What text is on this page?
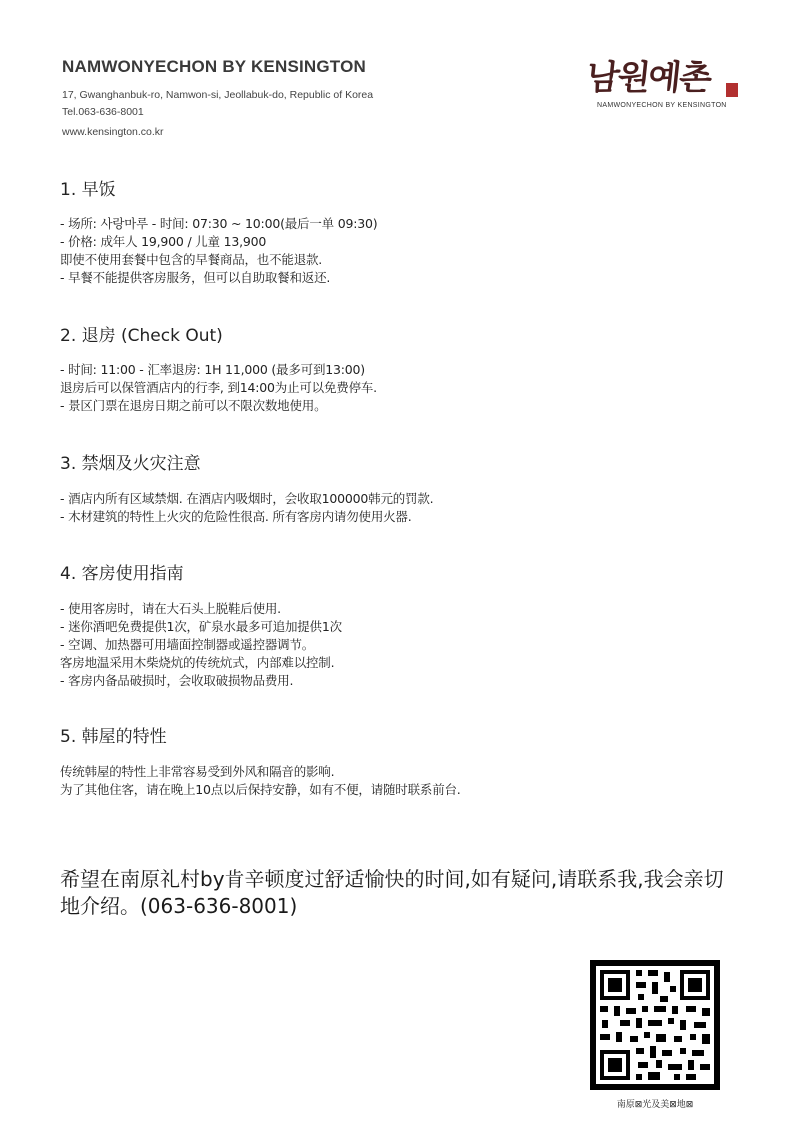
NAMWONYECHON BY KENSINGTON
17, Gwanghanbuk-ro, Namwon-si, Jeollabuk-do, Republic of Korea
Tel.063-636-8001
www.kensington.co.kr
남원예촌
NAMWONYECHON BY KENSINGTON
1. 早饭
- 场所: 사랑마루 - 时间: 07:30 ~ 10:00(最后一单 09:30)
- 价格: 成年人 19,900 / 儿童 13,900
即使不使用套餐中包含的早餐商品，也不能退款.
- 早餐不能提供客房服务，但可以自助取餐和返还.
2. 退房 (Check Out)
- 时间: 11:00 - 汇率退房: 1H 11,000 (最多可到13:00)
退房后可以保管酒店内的行李, 到14:00为止可以免费停车.
- 景区门票在退房日期之前可以不限次数地使用。
3. 禁烟及火灾注意
- 酒店内所有区域禁烟. 在酒店内吸烟时，会收取100000韩元的罚款.
- 木材建筑的特性上火灾的危险性很高. 所有客房内请勿使用火器.
4. 客房使用指南
- 使用客房时，请在大石头上脱鞋后使用.
- 迷你酒吧免费提供1次，矿泉水最多可追加提供1次
- 空调、加热器可用墙面控制器或遥控器调节。
客房地温采用木柴烧炕的传统炕式，内部难以控制.
- 客房内备品破损时，会收取破损物品费用.
5. 韩屋的特性
传统韩屋的特性上非常容易受到外风和隔音的影响.
为了其他住客，请在晚上10点以后保持安静，如有不便，请随时联系前台.
希望在南原礼村by肯辛顿度过舒适愉快的时间,如有疑问,请联系我,我会亲切地介绍。(063-636-8001)
南原⊠光及美⊠地⊠
